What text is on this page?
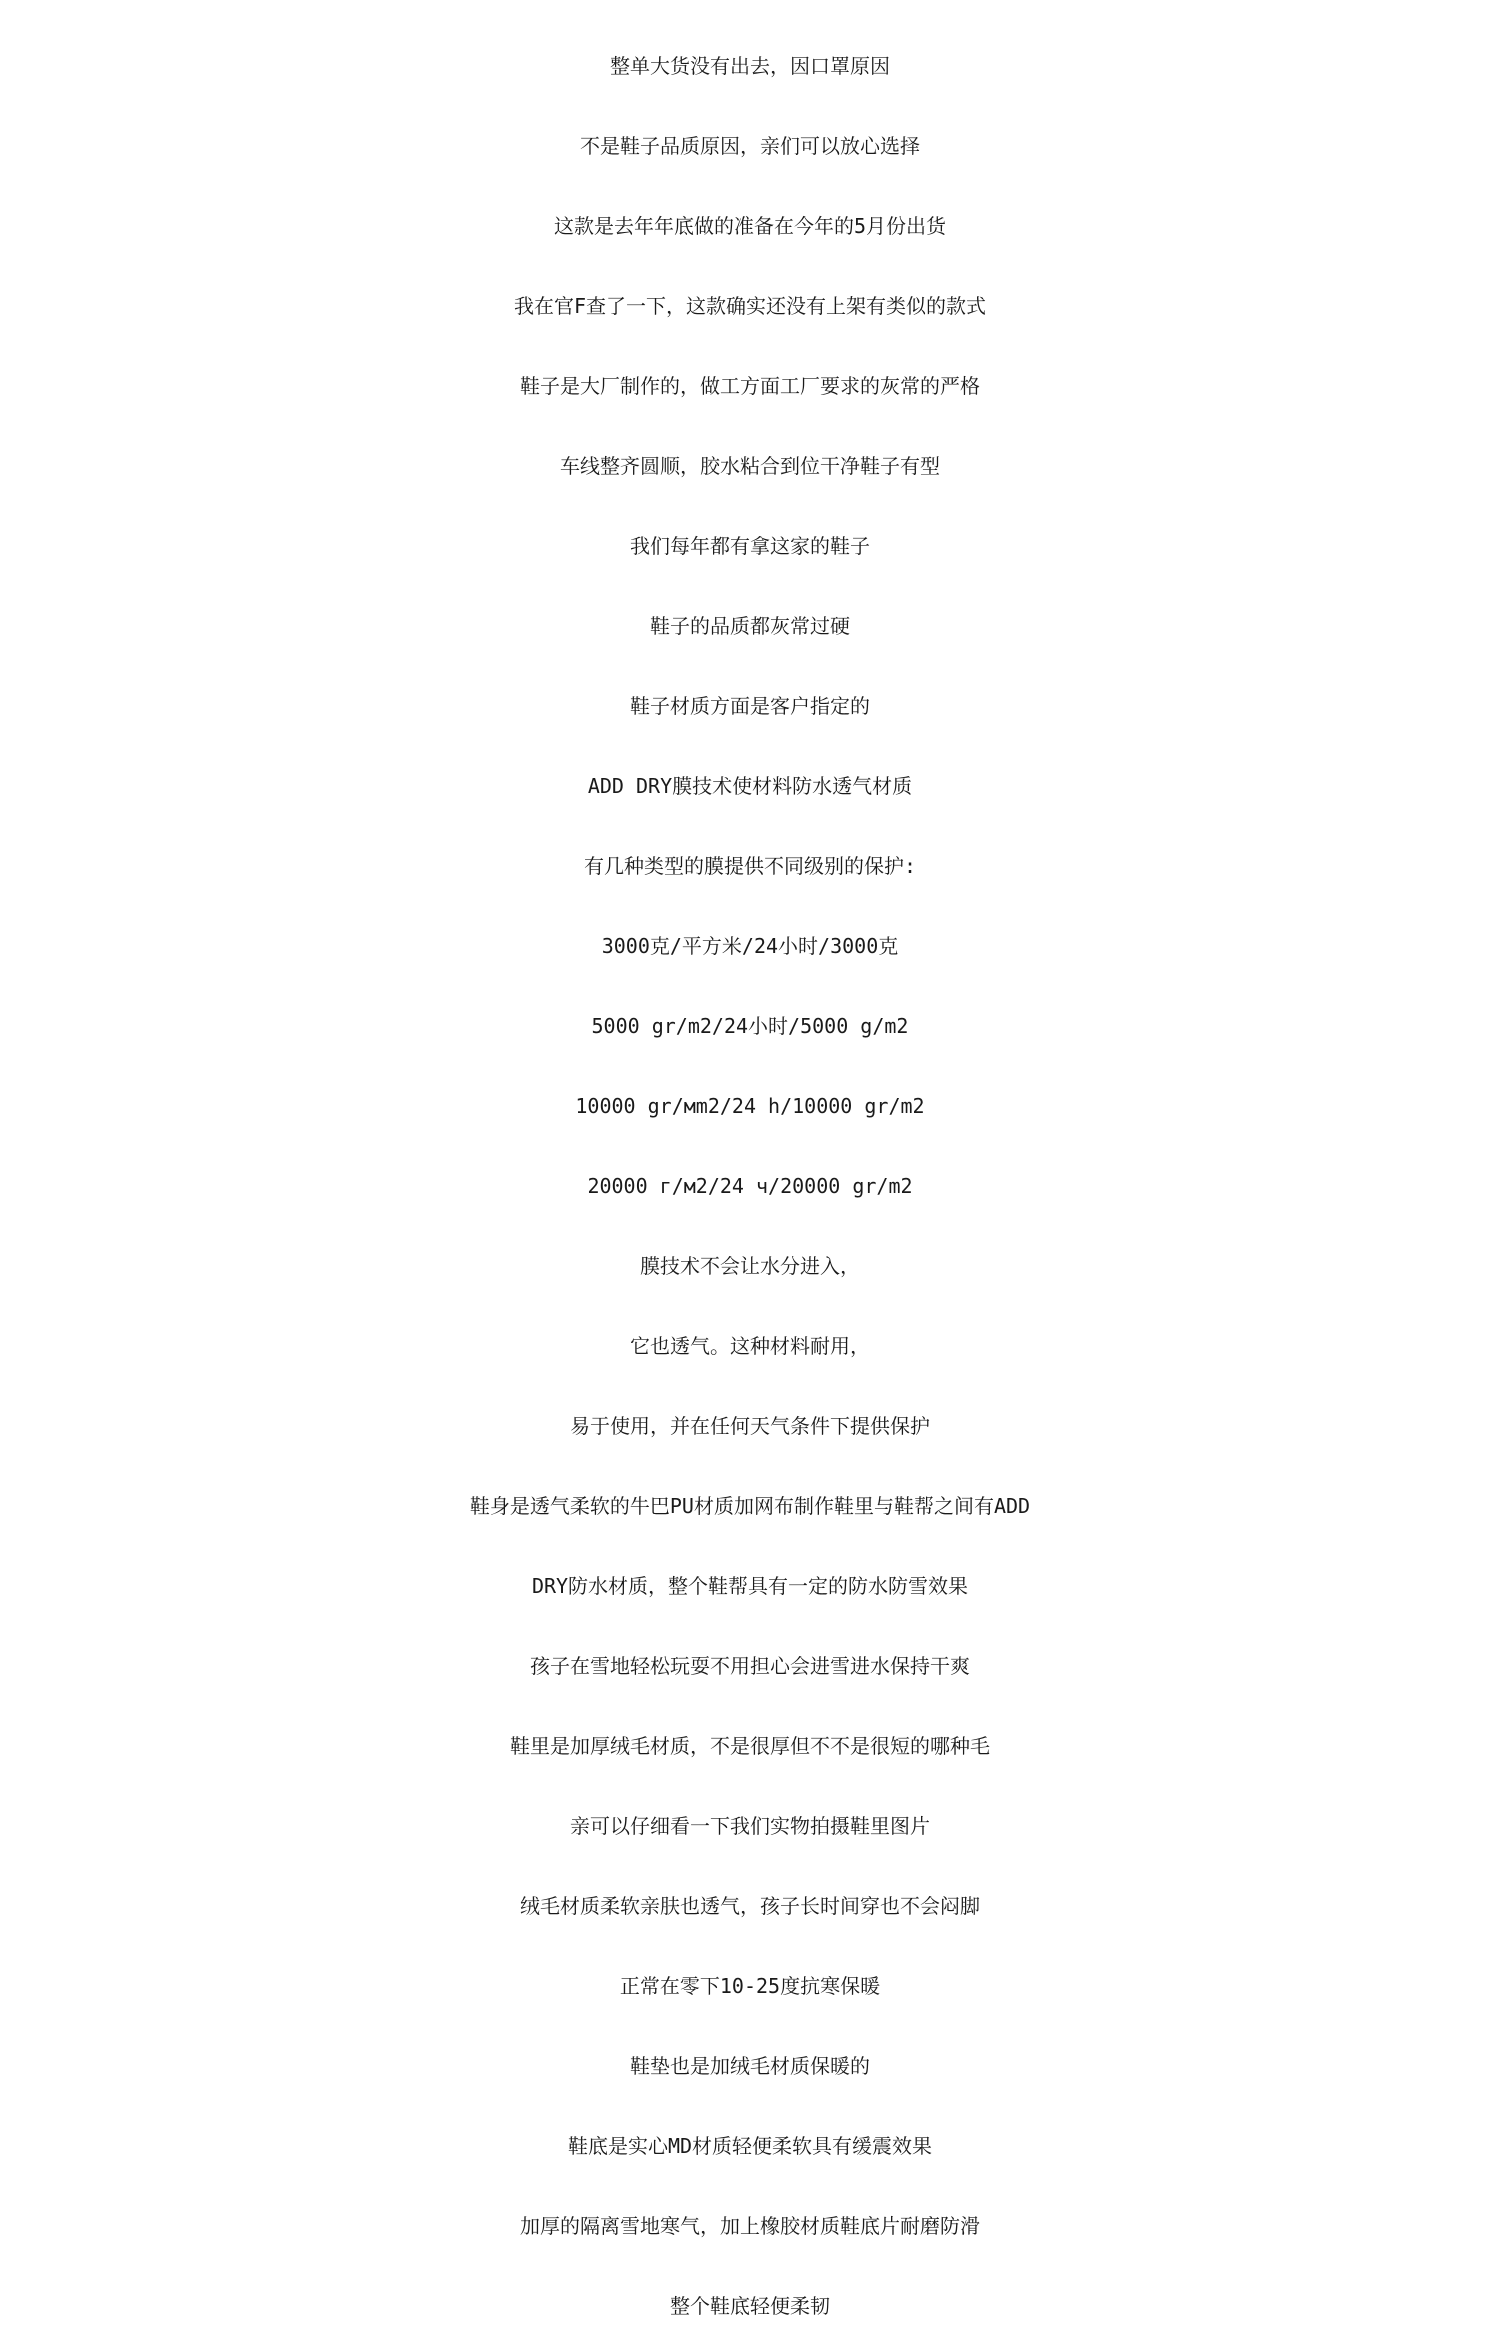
整单大货没有出去，因口罩原因
不是鞋子品质原因，亲们可以放心选择
这款是去年年底做的准备在今年的5月份出货
我在官F查了一下，这款确实还没有上架有类似的款式
鞋子是大厂制作的，做工方面工厂要求的灰常的严格
车线整齐圆顺，胶水粘合到位干净鞋子有型
我们每年都有拿这家的鞋子
鞋子的品质都灰常过硬
鞋子材质方面是客户指定的
ADD DRY膜技术使材料防水透气材质
有几种类型的膜提供不同级别的保护:
3000克/平方米/24小时/3000克
5000 gr/m2/24小时/5000 g/m2
10000 gr/мm2/24 h/10000 gr/m2
20000 г/м2/24 ч/20000 gr/m2
膜技术不会让水分进入，
它也透气。这种材料耐用，
易于使用，并在任何天气条件下提供保护
鞋身是透气柔软的牛巴PU材质加网布制作鞋里与鞋帮之间有ADD
DRY防水材质，整个鞋帮具有一定的防水防雪效果
孩子在雪地轻松玩耍不用担心会进雪进水保持干爽
鞋里是加厚绒毛材质，不是很厚但不不是很短的哪种毛
亲可以仔细看一下我们实物拍摄鞋里图片
绒毛材质柔软亲肤也透气，孩子长时间穿也不会闷脚
正常在零下10-25度抗寒保暖
鞋垫也是加绒毛材质保暖的
鞋底是实心MD材质轻便柔软具有缓震效果
加厚的隔离雪地寒气，加上橡胶材质鞋底片耐磨防滑
整个鞋底轻便柔韧
